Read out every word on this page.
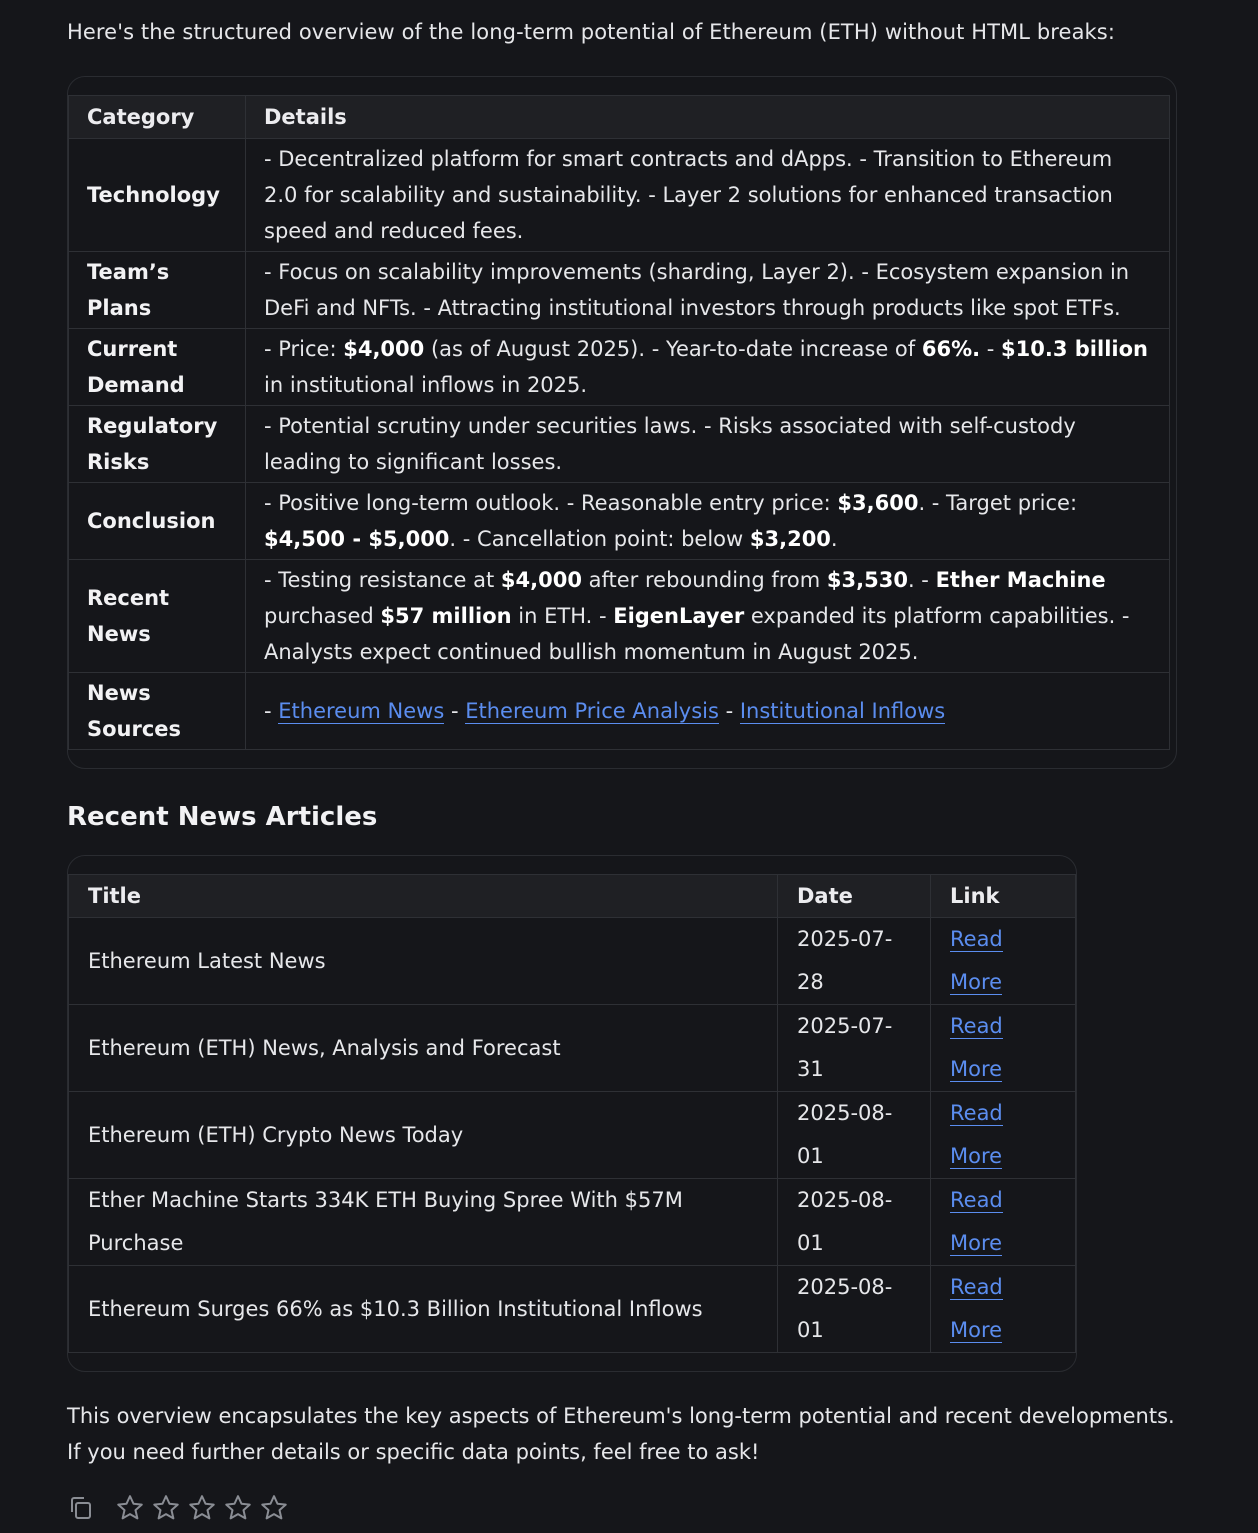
Here's the structured overview of the long-term potential of Ethereum (ETH) without HTML breaks:

Category	Details
Technology	- Decentralized platform for smart contracts and dApps. - Transition to Ethereum 2.0 for scalability and sustainability. - Layer 2 solutions for enhanced transaction speed and reduced fees.
Team’s Plans	- Focus on scalability improvements (sharding, Layer 2). - Ecosystem expansion in DeFi and NFTs. - Attracting institutional investors through products like spot ETFs.
Current Demand	- Price: $4,000 (as of August 2025). - Year-to-date increase of 66%. - $10.3 billion in institutional inflows in 2025.
Regulatory Risks	- Potential scrutiny under securities laws. - Risks associated with self-custody leading to significant losses.
Conclusion	- Positive long-term outlook. - Reasonable entry price: $3,600. - Target price: $4,500 - $5,000. - Cancellation point: below $3,200.
Recent News	- Testing resistance at $4,000 after rebounding from $3,530. - Ether Machine purchased $57 million in ETH. - EigenLayer expanded its platform capabilities. - Analysts expect continued bullish momentum in August 2025.
News Sources	- Ethereum News - Ethereum Price Analysis - Institutional Inflows
Recent News Articles
Title	Date	Link
Ethereum Latest News	2025-07-28	Read More
Ethereum (ETH) News, Analysis and Forecast	2025-07-31	Read More
Ethereum (ETH) Crypto News Today	2025-08-01	Read More
Ether Machine Starts 334K ETH Buying Spree With $57M Purchase	2025-08-01	Read More
Ethereum Surges 66% as $10.3 Billion Institutional Inflows	2025-08-01	Read More

This overview encapsulates the key aspects of Ethereum's long-term potential and recent developments. If you need further details or specific data points, feel free to ask!
